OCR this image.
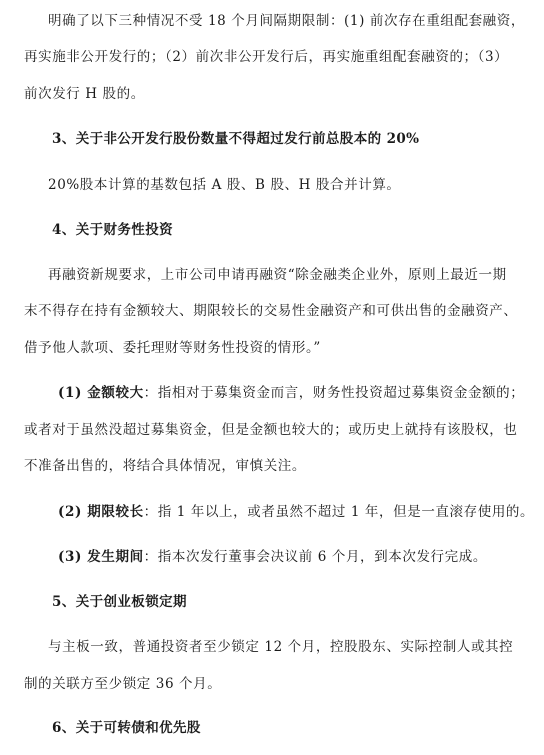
明确了以下三种情况不受 18 个月间隔期限制：(1) 前次存在重组配套融资，
再实施非公开发行的；（2）前次非公开发行后，再实施重组配套融资的；（3）
前次发行 H 股的。
3、关于非公开发行股份数量不得超过发行前总股本的 20%
20%股本计算的基数包括 A 股、B 股、H 股合并计算。
4、关于财务性投资
再融资新规要求，上市公司申请再融资“除金融类企业外，原则上最近一期
末不得存在持有金额较大、期限较长的交易性金融资产和可供出售的金融资产、
借予他人款项、委托理财等财务性投资的情形。”
(1) 金额较大：指相对于募集资金而言，财务性投资超过募集资金金额的；
或者对于虽然没超过募集资金，但是金额也较大的；或历史上就持有该股权，也
不准备出售的，将结合具体情况，审慎关注。
(2) 期限较长：指 1 年以上，或者虽然不超过 1 年，但是一直滚存使用的。
(3) 发生期间：指本次发行董事会决议前 6 个月，到本次发行完成。
5、关于创业板锁定期
与主板一致，普通投资者至少锁定 12 个月，控股股东、实际控制人或其控
制的关联方至少锁定 36 个月。
6、关于可转债和优先股
